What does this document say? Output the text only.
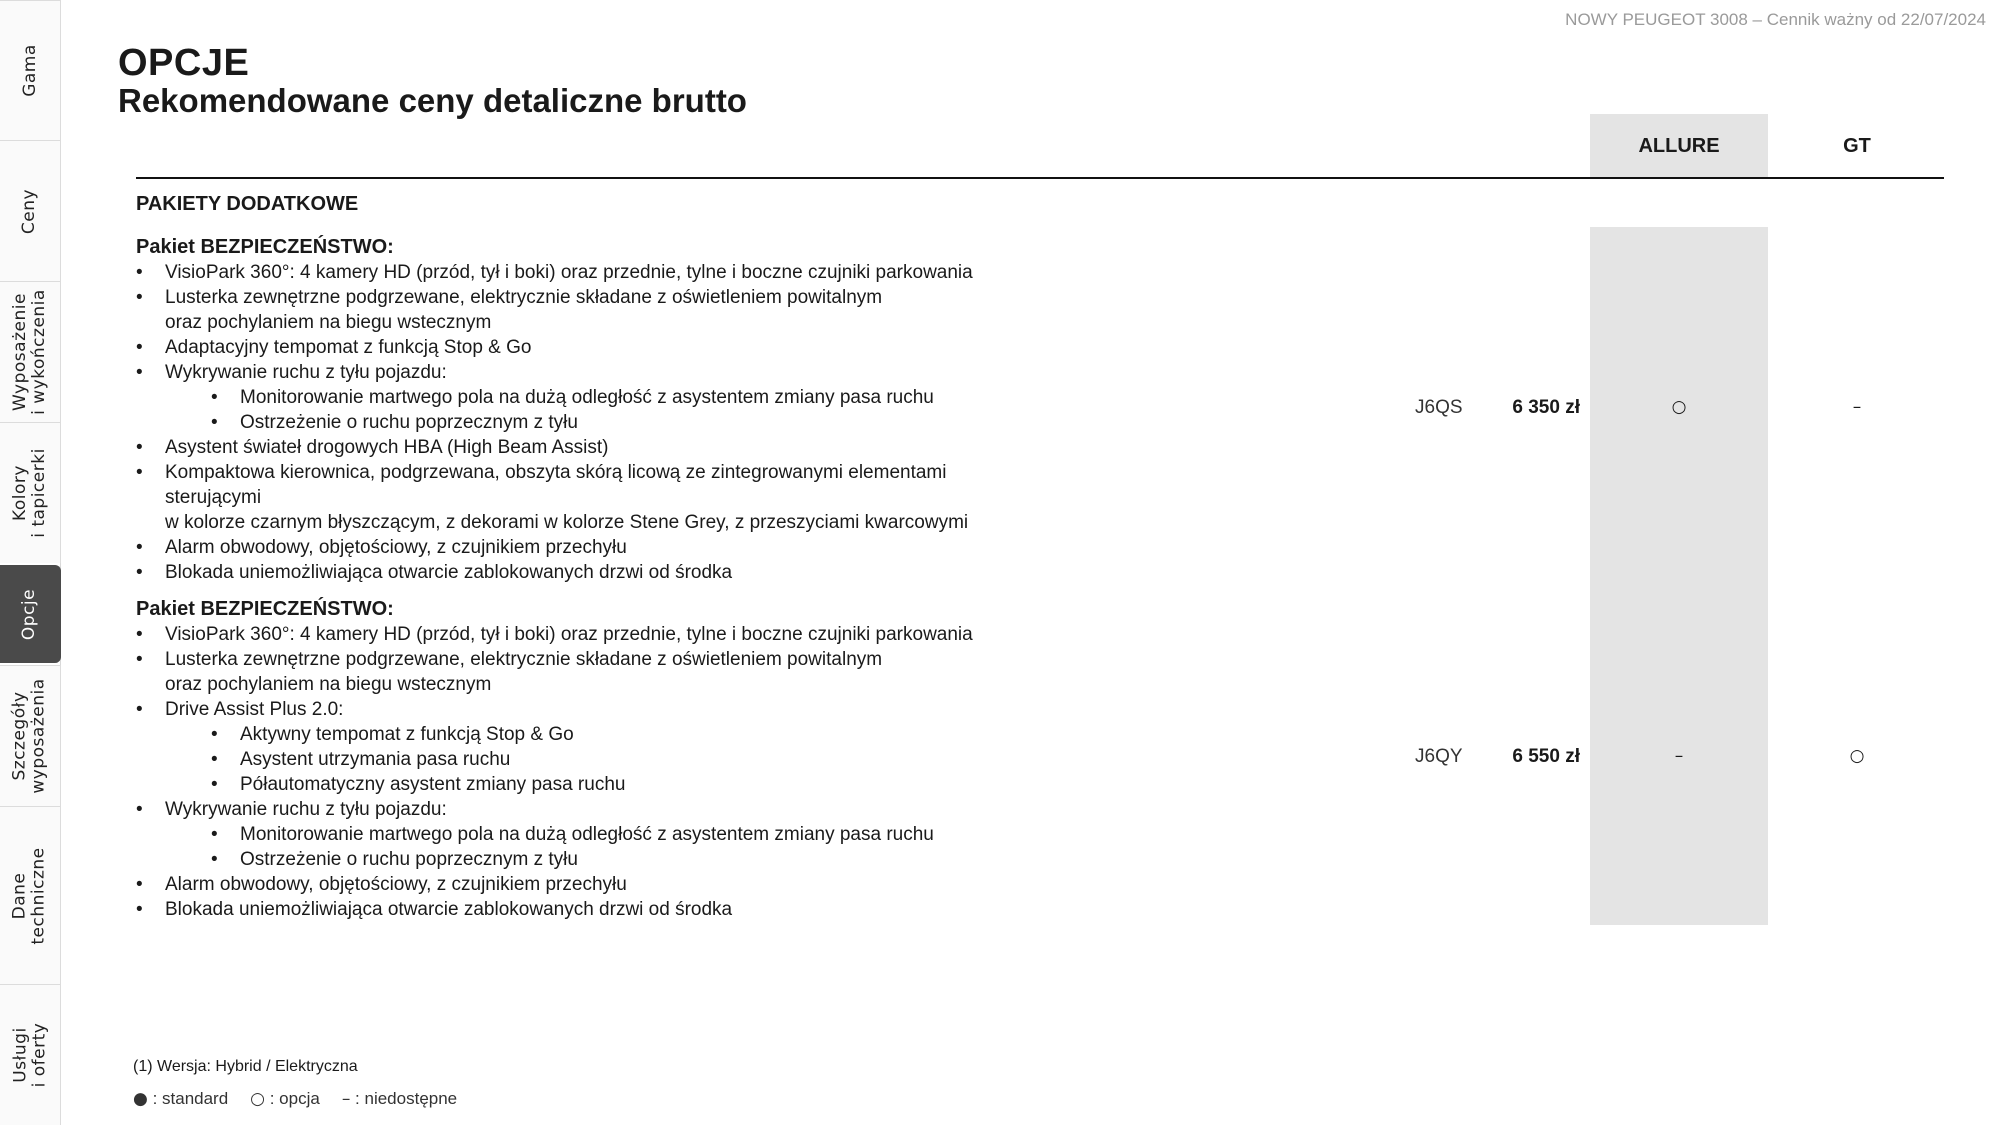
Gama
Ceny
Wyposażenie
i wykończenia
Kolory
i tapicerki
Opcje
Szczegóły
wyposażenia
Dane
techniczne
Usługi
i oferty
NOWY PEUGEOT 3008 – Cennik ważny od 22/07/2024
OPCJE
Rekomendowane ceny detaliczne brutto
ALLURE	GT
PAKIETY DODATKOWE
Pakiet BEZPIECZEŃSTWO:
• VisioPark 360°: 4 kamery HD (przód, tył i boki) oraz przednie, tylne i boczne czujniki parkowania
• Lusterka zewnętrzne podgrzewane, elektrycznie składane z oświetleniem powitalnym
oraz pochylaniem na biegu wstecznym
• Adaptacyjny tempomat z funkcją Stop & Go
• Wykrywanie ruchu z tyłu pojazdu:
• Monitorowanie martwego pola na dużą odległość z asystentem zmiany pasa ruchu
• Ostrzeżenie o ruchu poprzecznym z tyłu
• Asystent świateł drogowych HBA (High Beam Assist)
• Kompaktowa kierownica, podgrzewana, obszyta skórą licową ze zintegrowanymi elementami
sterującymi
w kolorze czarnym błyszczącym, z dekorami w kolorze Stene Grey, z przeszyciami kwarcowymi
• Alarm obwodowy, objętościowy, z czujnikiem przechyłu
• Blokada uniemożliwiająca otwarcie zablokowanych drzwi od środka
J6QS	6 350 zł	○	–
Pakiet BEZPIECZEŃSTWO:
• VisioPark 360°: 4 kamery HD (przód, tył i boki) oraz przednie, tylne i boczne czujniki parkowania
• Lusterka zewnętrzne podgrzewane, elektrycznie składane z oświetleniem powitalnym
oraz pochylaniem na biegu wstecznym
• Drive Assist Plus 2.0:
• Aktywny tempomat z funkcją Stop & Go
• Asystent utrzymania pasa ruchu
• Półautomatyczny asystent zmiany pasa ruchu
• Wykrywanie ruchu z tyłu pojazdu:
• Monitorowanie martwego pola na dużą odległość z asystentem zmiany pasa ruchu
• Ostrzeżenie o ruchu poprzecznym z tyłu
• Alarm obwodowy, objętościowy, z czujnikiem przechyłu
• Blokada uniemożliwiająca otwarcie zablokowanych drzwi od środka
J6QY	6 550 zł	–	○
(1) Wersja: Hybrid / Elektryczna
● : standard ○ : opcja – : niedostępne
